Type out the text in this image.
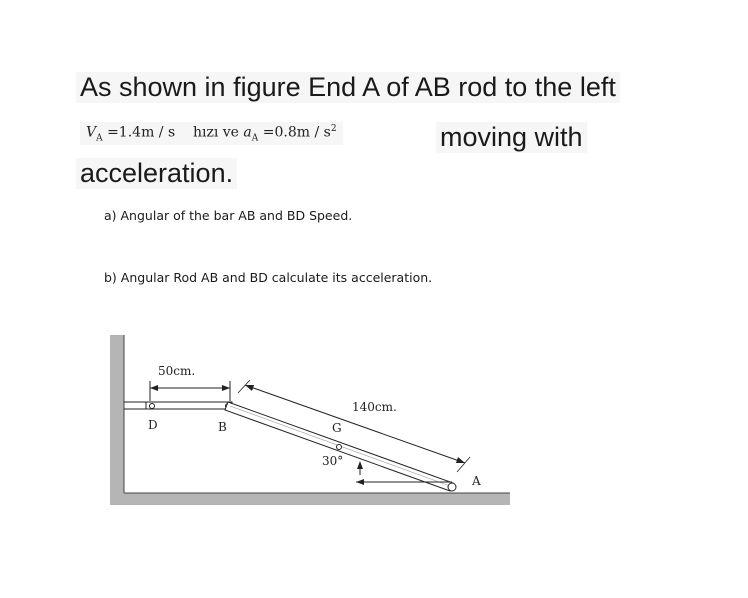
As shown in figure End A of AB rod to the left
$V_A =1.4m / s$ hızı ve $a_A =0.8m / s^2$	moving with
acceleration.
a) Angular of the bar AB and BD Speed.
b) Angular Rod AB and BD calculate its acceleration.
50cm.
D	B	G
A
140cm.
30°
